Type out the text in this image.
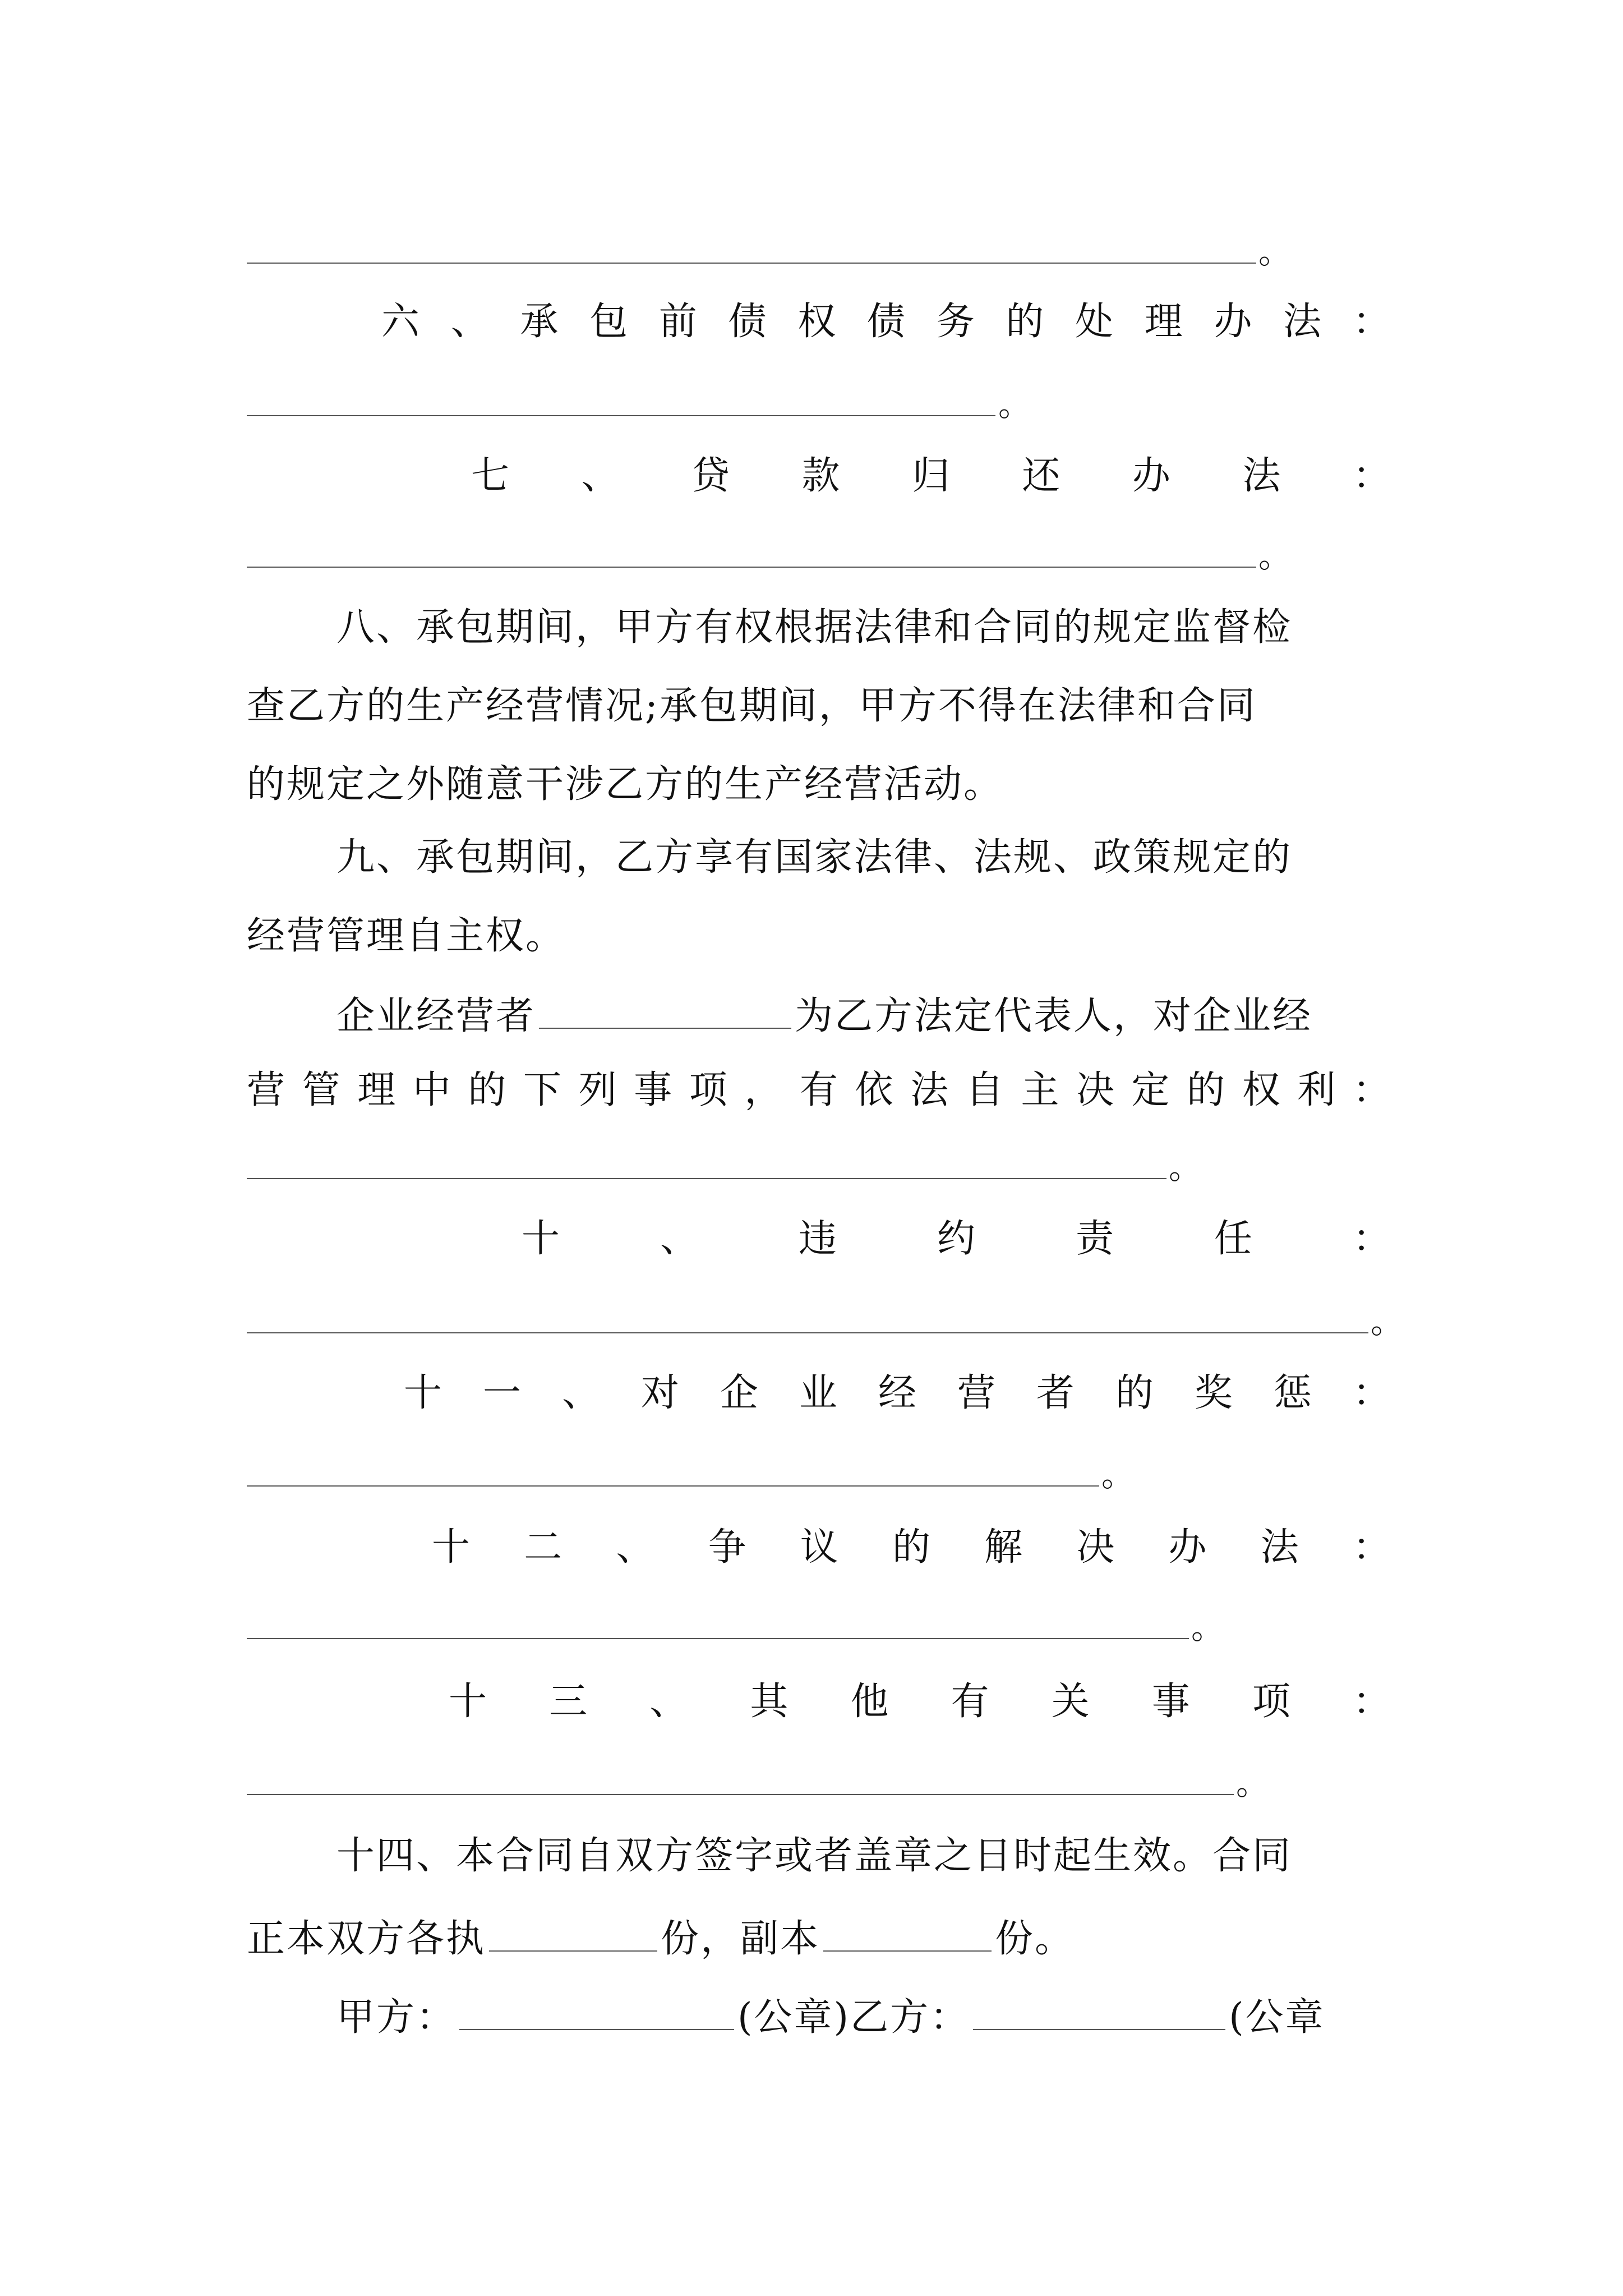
。
六 、 承 包 前 债 权 债 务 的 处 理 办 法 ：
。
七 、 贷 款 归 还 办 法 ：
。
八、承包期间，甲方有权根据法律和合同的规定监督检
查乙方的生产经营情况;承包期间，甲方不得在法律和合同
的规定之外随意干涉乙方的生产经营活动。
九、承包期间，乙方享有国家法律、法规、政策规定的
经营管理自主权。
企业经营者	为乙方法定代表人，对企业经
营 管 理 中 的 下 列 事 项 ， 有 依 法 自 主 决 定 的 权 利 ：
。
十	、	违	约	责	任	：
。
十 一 、 对 企 业 经 营 者 的 奖 惩 ：
。
十 二 、 争 议 的 解 决 办 法 ：
。
十 三 、 其 他 有 关 事 项 ：
。
十四、本合同自双方签字或者盖章之日时起生效。合同
正本双方各执	份，副本	份。
甲方：	(公章)乙方：	(公章
